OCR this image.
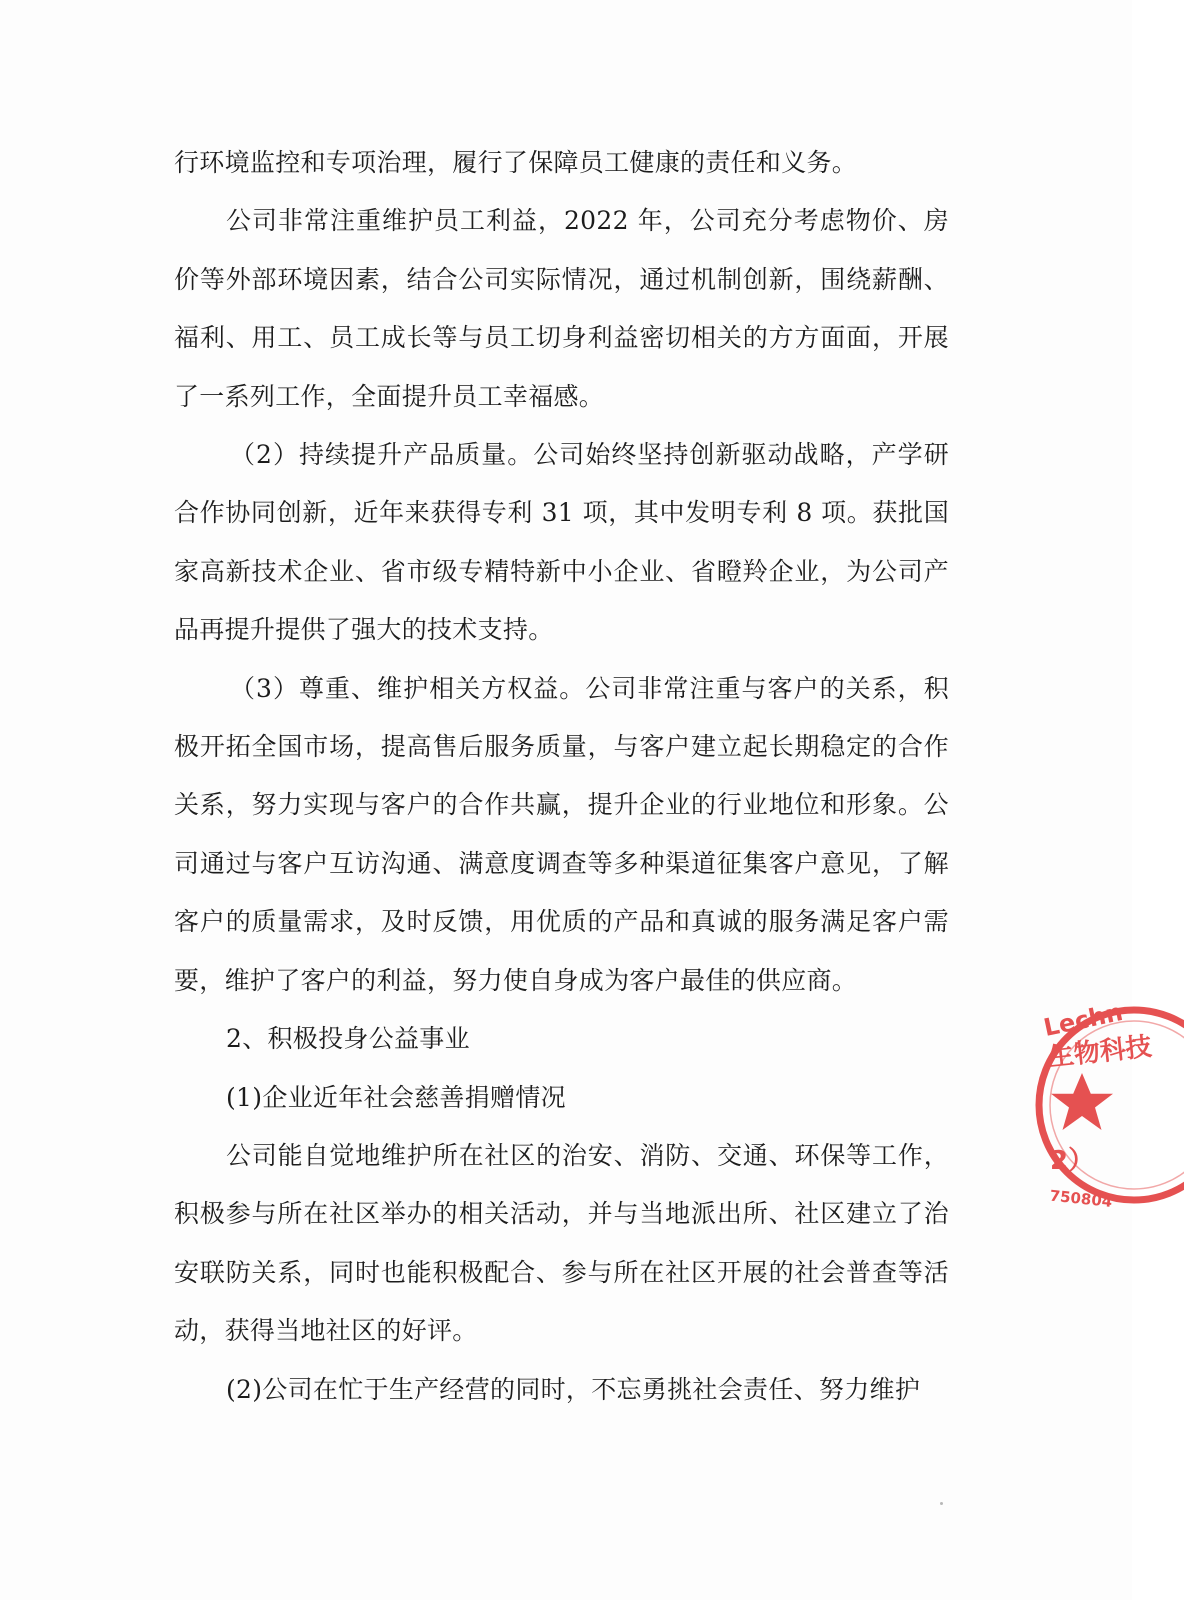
行环境监控和专项治理，履行了保障员工健康的责任和义务。

公司非常注重维护员工利益，2022 年，公司充分考虑物价、房价等外部环境因素，结合公司实际情况，通过机制创新，围绕薪酬、福利、用工、员工成长等与员工切身利益密切相关的方方面面，开展了一系列工作，全面提升员工幸福感。

（2）持续提升产品质量。公司始终坚持创新驱动战略，产学研合作协同创新，近年来获得专利 31 项，其中发明专利 8 项。获批国家高新技术企业、省市级专精特新中小企业、省瞪羚企业，为公司产品再提升提供了强大的技术支持。

（3）尊重、维护相关方权益。公司非常注重与客户的关系，积极开拓全国市场，提高售后服务质量，与客户建立起长期稳定的合作关系，努力实现与客户的合作共赢，提升企业的行业地位和形象。公司通过与客户互访沟通、满意度调查等多种渠道征集客户意见，了解客户的质量需求，及时反馈，用优质的产品和真诚的服务满足客户需要，维护了客户的利益，努力使自身成为客户最佳的供应商。

2、积极投身公益事业

(1)企业近年社会慈善捐赠情况

公司能自觉地维护所在社区的治安、消防、交通、环保等工作，积极参与所在社区举办的相关活动，并与当地派出所、社区建立了治安联防关系，同时也能积极配合、参与所在社区开展的社会普查等活动，获得当地社区的好评。

(2)公司在忙于生产经营的同时，不忘勇挑社会责任、努力维护

Lechn
生物科技
2）
750804
